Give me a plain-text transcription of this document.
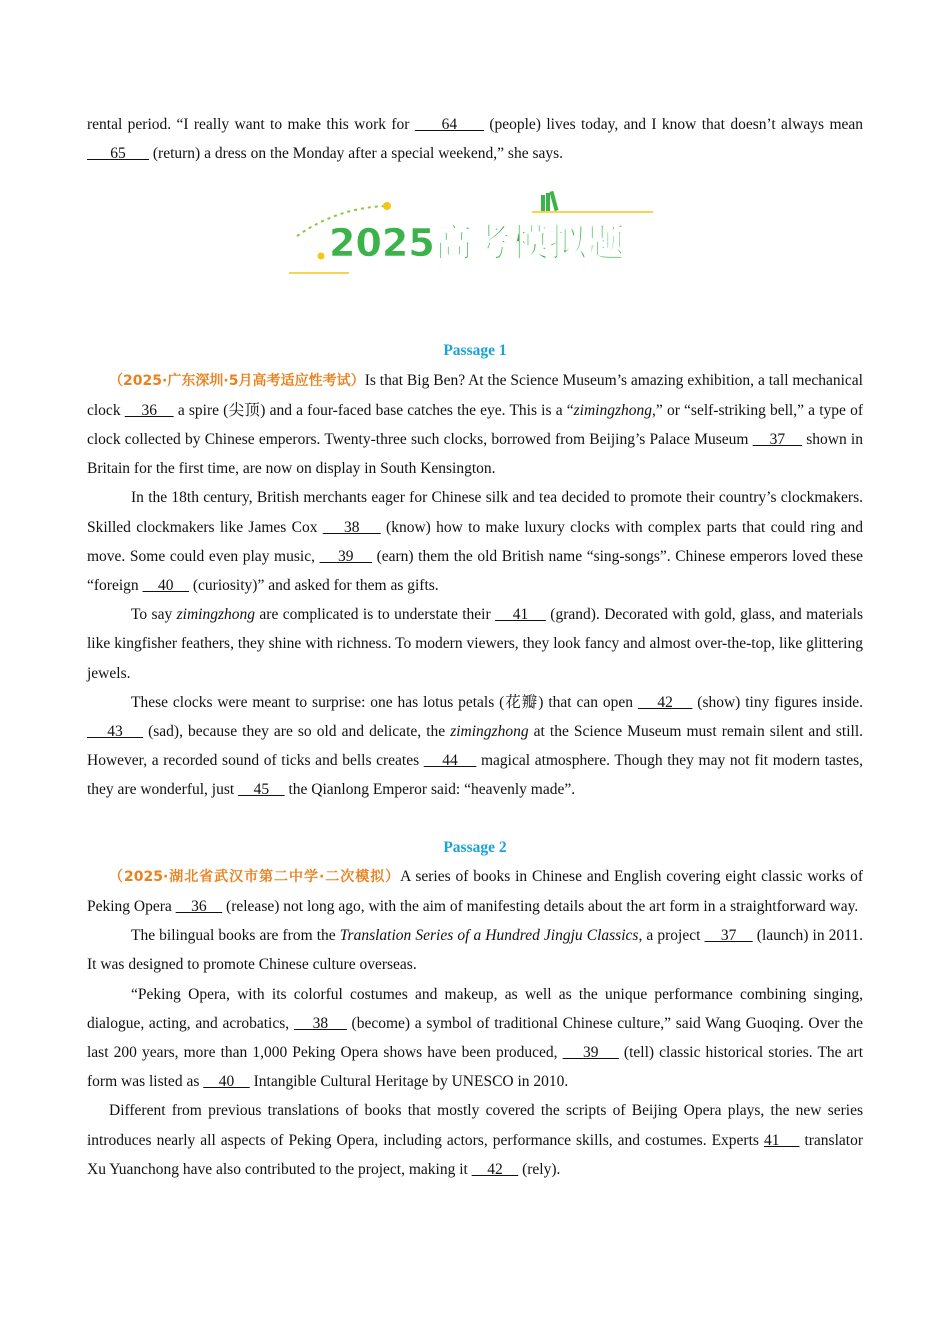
rental period. “I really want to make this work for      64      (people) lives today, and I know that doesn’t always mean       65       (return) a dress on the Monday after a special weekend,” she says.

2025高考模拟题
Passage 1

（2025·广东深圳·5月高考适应性考试）Is that Big Ben? At the Science Museum’s amazing exhibition, a tall mechanical clock     36     a spire (尖顶) and a four-faced base catches the eye. This is a “zimingzhong,” or “self-striking bell,” a type of clock collected by Chinese emperors. Twenty-three such clocks, borrowed from Beijing’s Palace Museum     37     shown in Britain for the first time, are now on display in South Kensington.

In the 18th century, British merchants eager for Chinese silk and tea decided to promote their country’s clockmakers. Skilled clockmakers like James Cox     38     (know) how to make luxury clocks with complex parts that could ring and move. Some could even play music,     39     (earn) them the old British name “sing-songs”. Chinese emperors loved these “foreign     40     (curiosity)” and asked for them as gifts.

To say zimingzhong are complicated is to understate their     41     (grand). Decorated with gold, glass, and materials like kingfisher feathers, they shine with richness. To modern viewers, they look fancy and almost over-the-top, like glittering jewels.

These clocks were meant to surprise: one has lotus petals (花瓣) that can open     42     (show) tiny figures inside.     43     (sad), because they are so old and delicate, the zimingzhong at the Science Museum must remain silent and still. However, a recorded sound of ticks and bells creates     44     magical atmosphere. Though they may not fit modern tastes, they are wonderful, just     45     the Qianlong Emperor said: “heavenly made”.

Passage 2

（2025·湖北省武汉市第二中学·二次模拟）A series of books in Chinese and English covering eight classic works of Peking Opera     36     (release) not long ago, with the aim of manifesting details about the art form in a straightforward way.

The bilingual books are from the Translation Series of a Hundred Jingju Classics, a project     37     (launch) in 2011. It was designed to promote Chinese culture overseas.

“Peking Opera, with its colorful costumes and makeup, as well as the unique performance combining singing, dialogue, acting, and acrobatics,     38     (become) a symbol of traditional Chinese culture,” said Wang Guoqing. Over the last 200 years, more than 1,000 Peking Opera shows have been produced,     39     (tell) classic historical stories. The art form was listed as     40     Intangible Cultural Heritage by UNESCO in 2010.

Different from previous translations of books that mostly covered the scripts of Beijing Opera plays, the new series introduces nearly all aspects of Peking Opera, including actors, performance skills, and costumes. Experts 41     translator Xu Yuanchong have also contributed to the project, making it     42     (rely).
